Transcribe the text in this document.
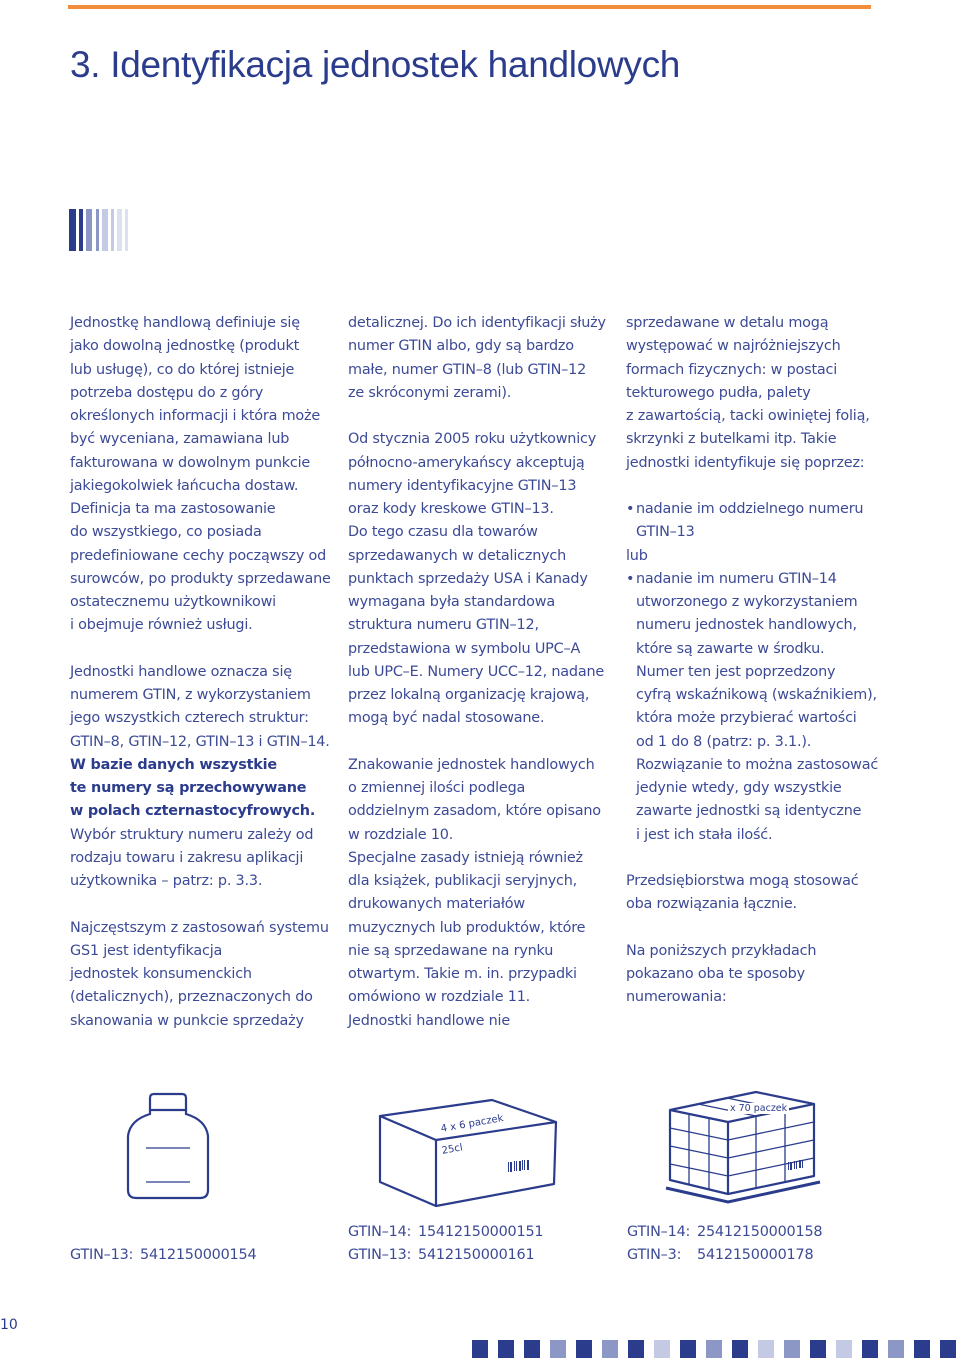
3. Identyfikacja jednostek handlowych
Jednostkę handlową definiuje się
jako dowolną jednostkę (produkt
lub usługę), co do której istnieje
potrzeba dostępu do z góry
określonych informacji i która może
być wyceniana, zamawiana lub
fakturowana w dowolnym punkcie
jakiegokolwiek łańcucha dostaw.
Definicja ta ma zastosowanie
do wszystkiego, co posiada
predefiniowane cechy począwszy od
surowców, po produkty sprzedawane
ostatecznemu użytkownikowi
i obejmuje również usługi.
Jednostki handlowe oznacza się
numerem GTIN, z wykorzystaniem
jego wszystkich czterech struktur:
GTIN–8, GTIN–12, GTIN–13 i GTIN–14.
W bazie danych wszystkie
te numery są przechowywane
w polach czternastocyfrowych.
Wybór struktury numeru zależy od
rodzaju towaru i zakresu aplikacji
użytkownika – patrz: p. 3.3.
Najczęstszym z zastosowań systemu
GS1 jest identyfikacja
jednostek konsumenckich
(detalicznych), przeznaczonych do
skanowania w punkcie sprzedaży
detalicznej. Do ich identyfikacji służy
numer GTIN albo, gdy są bardzo
małe, numer GTIN–8 (lub GTIN–12
ze skróconymi zerami).
Od stycznia 2005 roku użytkownicy
północno-amerykańscy akceptują
numery identyfikacyjne GTIN–13
oraz kody kreskowe GTIN–13.
Do tego czasu dla towarów
sprzedawanych w detalicznych
punktach sprzedaży USA i Kanady
wymagana była standardowa
struktura numeru GTIN–12,
przedstawiona w symbolu UPC–A
lub UPC–E. Numery UCC–12, nadane
przez lokalną organizację krajową,
mogą być nadal stosowane.
Znakowanie jednostek handlowych
o zmiennej ilości podlega
oddzielnym zasadom, które opisano
w rozdziale 10.
Specjalne zasady istnieją również
dla książek, publikacji seryjnych,
drukowanych materiałów
muzycznych lub produktów, które
nie są sprzedawane na rynku
otwartym. Takie m. in. przypadki
omówiono w rozdziale 11.
Jednostki handlowe nie
sprzedawane w detalu mogą
występować w najróżniejszych
formach fizycznych: w postaci
tekturowego pudła, palety
z zawartością, tacki owiniętej folią,
skrzynki z butelkami itp. Takie
jednostki identyfikuje się poprzez:
• nadanie im oddzielnego numeru
GTIN–13
lub
• nadanie im numeru GTIN–14
utworzonego z wykorzystaniem
numeru jednostek handlowych,
które są zawarte w środku.
Numer ten jest poprzedzony
cyfrą wskaźnikową (wskaźnikiem),
która może przybierać wartości
od 1 do 8 (patrz: p. 3.1.).
Rozwiązanie to można zastosować
jedynie wtedy, gdy wszystkie
zawarte jednostki są identyczne
i jest ich stała ilość.
Przedsiębiorstwa mogą stosować
oba rozwiązania łącznie.
Na poniższych przykładach
pokazano oba te sposoby
numerowania:
4 x 6 paczek
25cl
x 70 paczek
GTIN–13: 5412150000154
GTIN–14: 15412150000151
GTIN–13: 5412150000161
GTIN–14: 25412150000158
GTIN–3: 5412150000178
10
